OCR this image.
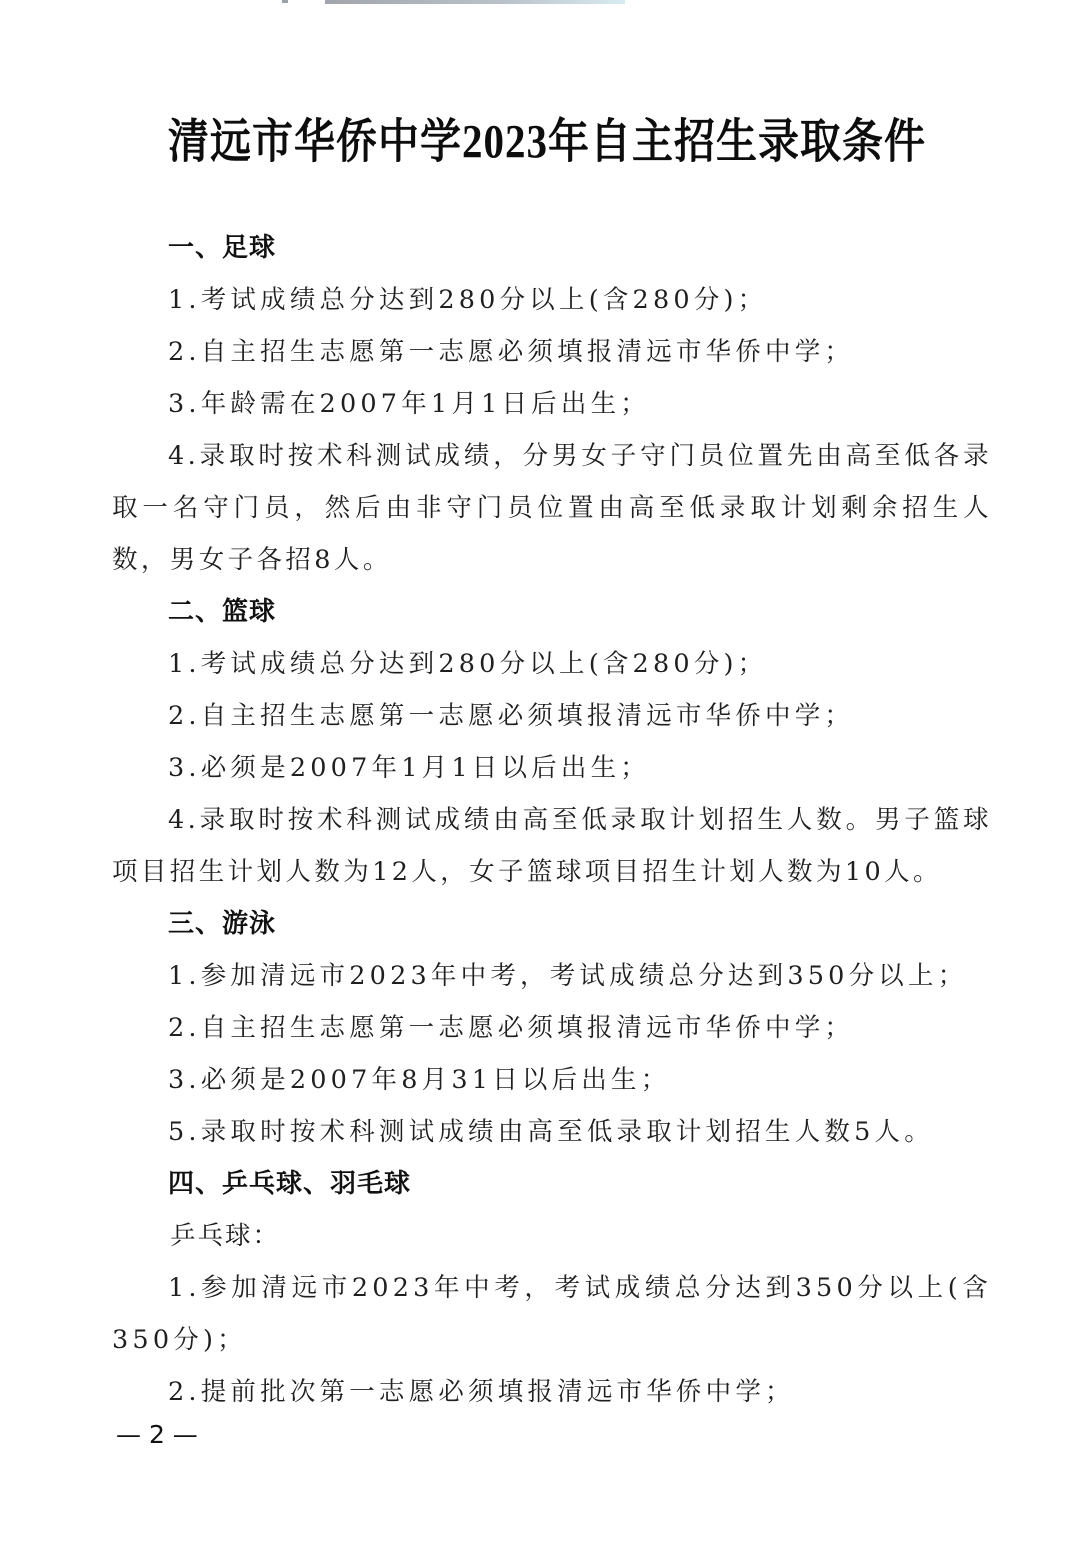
清远市华侨中学2023年自主招生录取条件
一、足球
1.考试成绩总分达到280分以上(含280分)；
2.自主招生志愿第一志愿必须填报清远市华侨中学；
3.年龄需在2007年1月1日后出生；
4.录取时按术科测试成绩，分男女子守门员位置先由高至低各录取一名守门员，然后由非守门员位置由高至低录取计划剩余招生人数，男女子各招8人。
二、篮球
1.考试成绩总分达到280分以上(含280分)；
2.自主招生志愿第一志愿必须填报清远市华侨中学；
3.必须是2007年1月1日以后出生；
4.录取时按术科测试成绩由高至低录取计划招生人数。男子篮球项目招生计划人数为12人，女子篮球项目招生计划人数为10人。
三、游泳
1.参加清远市2023年中考，考试成绩总分达到350分以上；
2.自主招生志愿第一志愿必须填报清远市华侨中学；
3.必须是2007年8月31日以后出生；
5.录取时按术科测试成绩由高至低录取计划招生人数5人。
四、乒乓球、羽毛球
乒乓球：
1.参加清远市2023年中考，考试成绩总分达到350分以上(含350分)；
2.提前批次第一志愿必须填报清远市华侨中学；
— 2 —
